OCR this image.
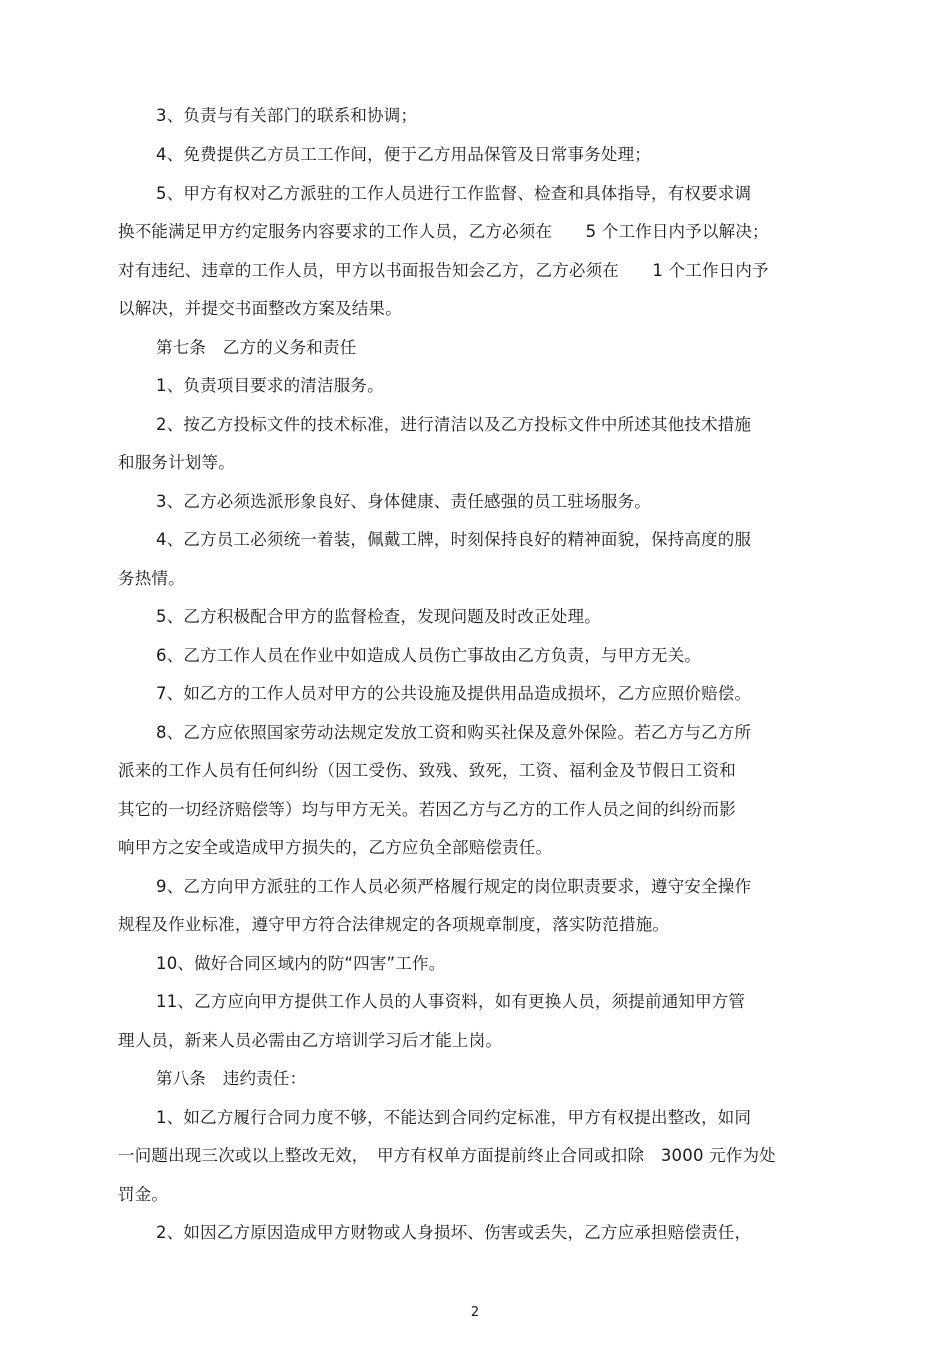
3、负责与有关部门的联系和协调；
4、免费提供乙方员工工作间，便于乙方用品保管及日常事务处理；
5、甲方有权对乙方派驻的工作人员进行工作监督、检查和具体指导，有权要求调
换不能满足甲方约定服务内容要求的工作人员，乙方必须在　　5 个工作日内予以解决；
对有违纪、违章的工作人员，甲方以书面报告知会乙方，乙方必须在　　1 个工作日内予
以解决，并提交书面整改方案及结果。
第七条　乙方的义务和责任
1、负责项目要求的清洁服务。
2、按乙方投标文件的技术标准，进行清洁以及乙方投标文件中所述其他技术措施
和服务计划等。
3、乙方必须选派形象良好、身体健康、责任感强的员工驻场服务。
4、乙方员工必须统一着装，佩戴工牌，时刻保持良好的精神面貌，保持高度的服
务热情。
5、乙方积极配合甲方的监督检查，发现问题及时改正处理。
6、乙方工作人员在作业中如造成人员伤亡事故由乙方负责，与甲方无关。
7、如乙方的工作人员对甲方的公共设施及提供用品造成损坏，乙方应照价赔偿。
8、乙方应依照国家劳动法规定发放工资和购买社保及意外保险。若乙方与乙方所
派来的工作人员有任何纠纷（因工受伤、致残、致死，工资、福利金及节假日工资和
其它的一切经济赔偿等）均与甲方无关。若因乙方与乙方的工作人员之间的纠纷而影
响甲方之安全或造成甲方损失的，乙方应负全部赔偿责任。
9、乙方向甲方派驻的工作人员必须严格履行规定的岗位职责要求，遵守安全操作
规程及作业标准，遵守甲方符合法律规定的各项规章制度，落实防范措施。
10、做好合同区域内的防“四害”工作。
11、乙方应向甲方提供工作人员的人事资料，如有更换人员，须提前通知甲方管
理人员，新来人员必需由乙方培训学习后才能上岗。
第八条　违约责任：
1、如乙方履行合同力度不够，不能达到合同约定标准，甲方有权提出整改，如同
一问题出现三次或以上整改无效，　甲方有权单方面提前终止合同或扣除　3000 元作为处
罚金。
2、如因乙方原因造成甲方财物或人身损坏、伤害或丢失，乙方应承担赔偿责任，
2
